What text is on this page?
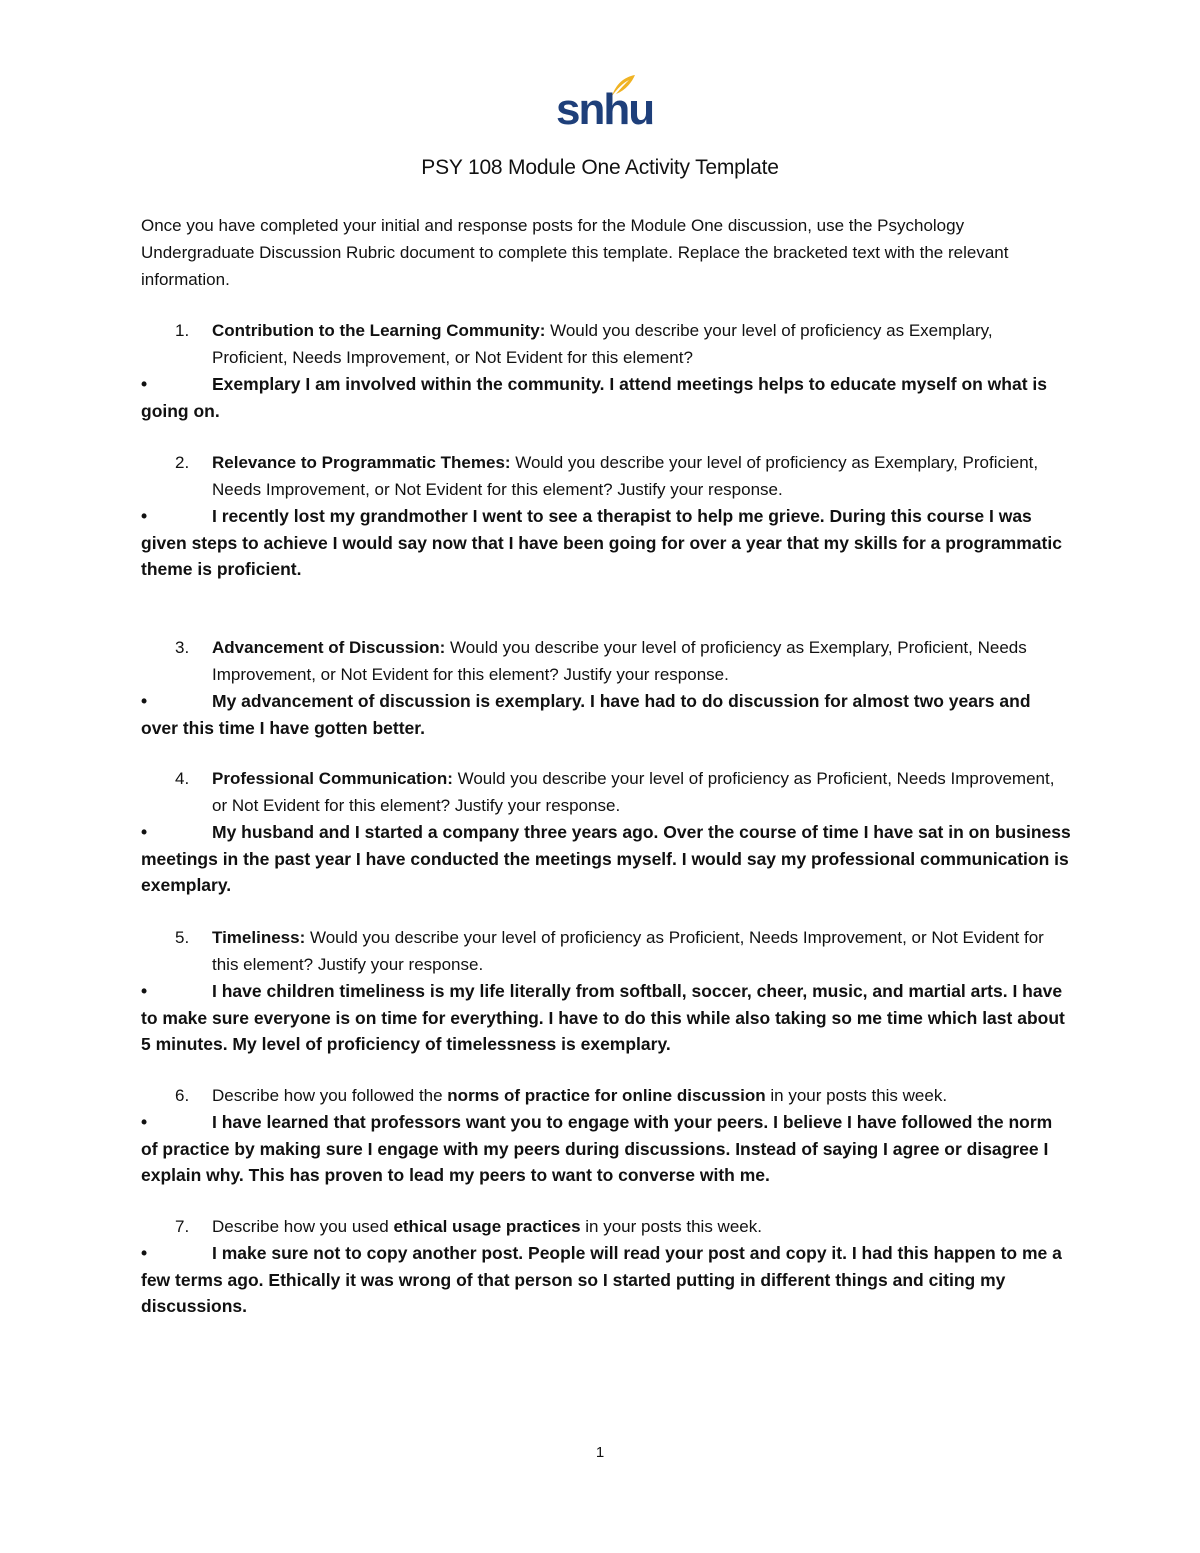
snhu
PSY 108 Module One Activity Template

Once you have completed your initial and response posts for the Module One discussion, use the Psychology Undergraduate Discussion Rubric document to complete this template. Replace the bracketed text with the relevant information.

1. Contribution to the Learning Community: Would you describe your level of proficiency as Exemplary, Proficient, Needs Improvement, or Not Evident for this element?
•	Exemplary I am involved within the community. I attend meetings helps to educate myself on what is going on.
2. Relevance to Programmatic Themes: Would you describe your level of proficiency as Exemplary, Proficient, Needs Improvement, or Not Evident for this element? Justify your response.
•	I recently lost my grandmother I went to see a therapist to help me grieve. During this course I was given steps to achieve I would say now that I have been going for over a year that my skills for a programmatic theme is proficient.
3. Advancement of Discussion: Would you describe your level of proficiency as Exemplary, Proficient, Needs Improvement, or Not Evident for this element? Justify your response.
•	My advancement of discussion is exemplary. I have had to do discussion for almost two years and over this time I have gotten better.
4. Professional Communication: Would you describe your level of proficiency as Proficient, Needs Improvement, or Not Evident for this element? Justify your response.
•	My husband and I started a company three years ago. Over the course of time I have sat in on business meetings in the past year I have conducted the meetings myself. I would say my professional communication is exemplary.
5. Timeliness: Would you describe your level of proficiency as Proficient, Needs Improvement, or Not Evident for this element? Justify your response.
•	I have children timeliness is my life literally from softball, soccer, cheer, music, and martial arts. I have to make sure everyone is on time for everything. I have to do this while also taking so me time which last about 5 minutes. My level of proficiency of timelessness is exemplary.
6. Describe how you followed the norms of practice for online discussion in your posts this week.
•	I have learned that professors want you to engage with your peers. I believe I have followed the norm of practice by making sure I engage with my peers during discussions. Instead of saying I agree or disagree I explain why. This has proven to lead my peers to want to converse with me.
7. Describe how you used ethical usage practices in your posts this week.
•	I make sure not to copy another post. People will read your post and copy it. I had this happen to me a few terms ago. Ethically it was wrong of that person so I started putting in different things and citing my discussions.
1
